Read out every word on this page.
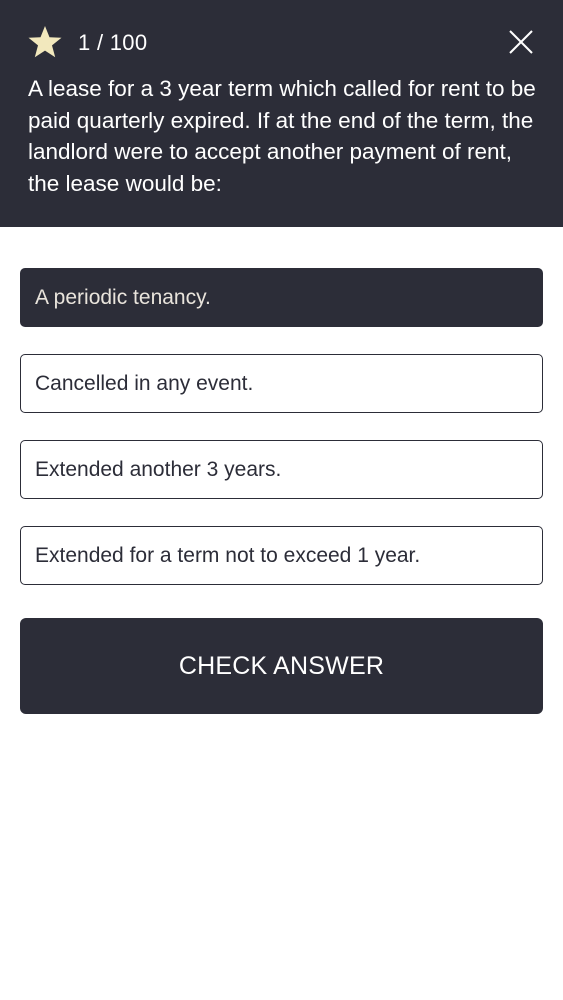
1 / 100
A lease for a 3 year term which called for rent to be paid quarterly expired. If at the end of the term, the landlord were to accept another payment of rent, the lease would be:
A periodic tenancy.
Cancelled in any event.
Extended another 3 years.
Extended for a term not to exceed 1 year.
CHECK ANSWER
